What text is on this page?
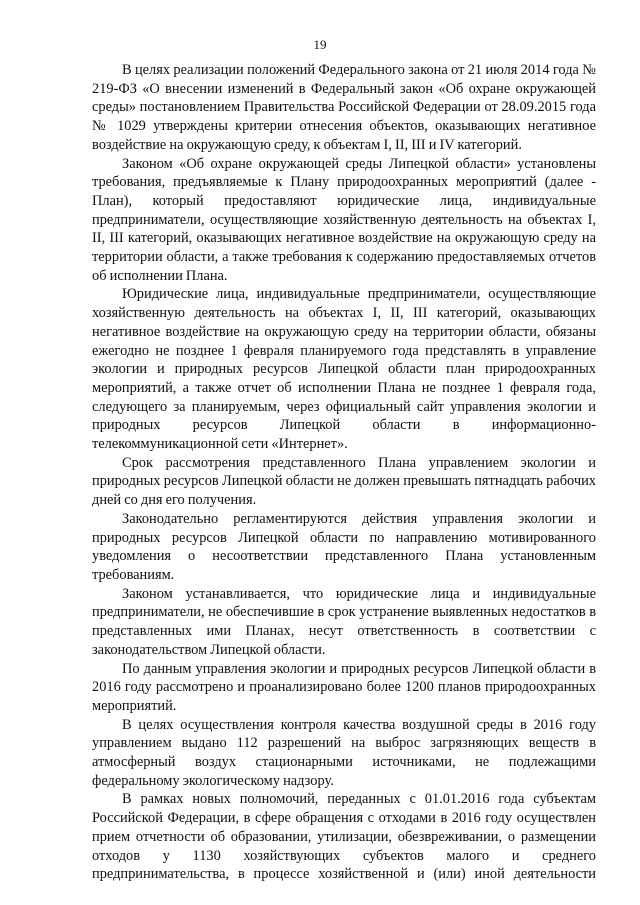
19

В целях реализации положений Федерального закона от 21 июля 2014 года № 219-ФЗ «О внесении изменений в Федеральный закон «Об охране окружающей среды» постановлением Правительства Российской Федерации от 28.09.2015 года № 1029 утверждены критерии отнесения объектов, оказывающих негативное воздействие на окружающую среду, к объектам I, II, III и IV категорий.

Законом «Об охране окружающей среды Липецкой области» установлены требования, предъявляемые к Плану природоохранных мероприятий (далее - План), который предоставляют юридические лица, индивидуальные предприниматели, осуществляющие хозяйственную деятельность на объектах I, II, III категорий, оказывающих негативное воздействие на окружающую среду на территории области, а также требования к содержанию предоставляемых отчетов об исполнении Плана.

Юридические лица, индивидуальные предприниматели, осуществляющие хозяйственную деятельность на объектах I, II, III категорий, оказывающих негативное воздействие на окружающую среду на территории области, обязаны ежегодно не позднее 1 февраля планируемого года представлять в управление экологии и природных ресурсов Липецкой области план природоохранных мероприятий, а также отчет об исполнении Плана не позднее 1 февраля года, следующего за планируемым, через официальный сайт управления экологии и природных ресурсов Липецкой области в информационно-телекоммуникационной сети «Интернет».

Срок рассмотрения представленного Плана управлением экологии и природных ресурсов Липецкой области не должен превышать пятнадцать рабочих дней со дня его получения.

Законодательно регламентируются действия управления экологии и природных ресурсов Липецкой области по направлению мотивированного уведомления о несоответствии представленного Плана установленным требованиям.

Законом устанавливается, что юридические лица и индивидуальные предприниматели, не обеспечившие в срок устранение выявленных недостатков в представленных ими Планах, несут ответственность в соответствии с законодательством Липецкой области.

По данным управления экологии и природных ресурсов Липецкой области в 2016 году рассмотрено и проанализировано более 1200 планов природоохранных мероприятий.

В целях осуществления контроля качества воздушной среды в 2016 году управлением выдано 112 разрешений на выброс загрязняющих веществ в атмосферный воздух стационарными источниками, не подлежащими федеральному экологическому надзору.

В рамках новых полномочий, переданных с 01.01.2016 года субъектам Российской Федерации, в сфере обращения с отходами в 2016 году осуществлен прием отчетности об образовании, утилизации, обезвреживании, о размещении отходов у 1130 хозяйствующих субъектов малого и среднего предпринимательства, в процессе хозяйственной и (или) иной деятельности
